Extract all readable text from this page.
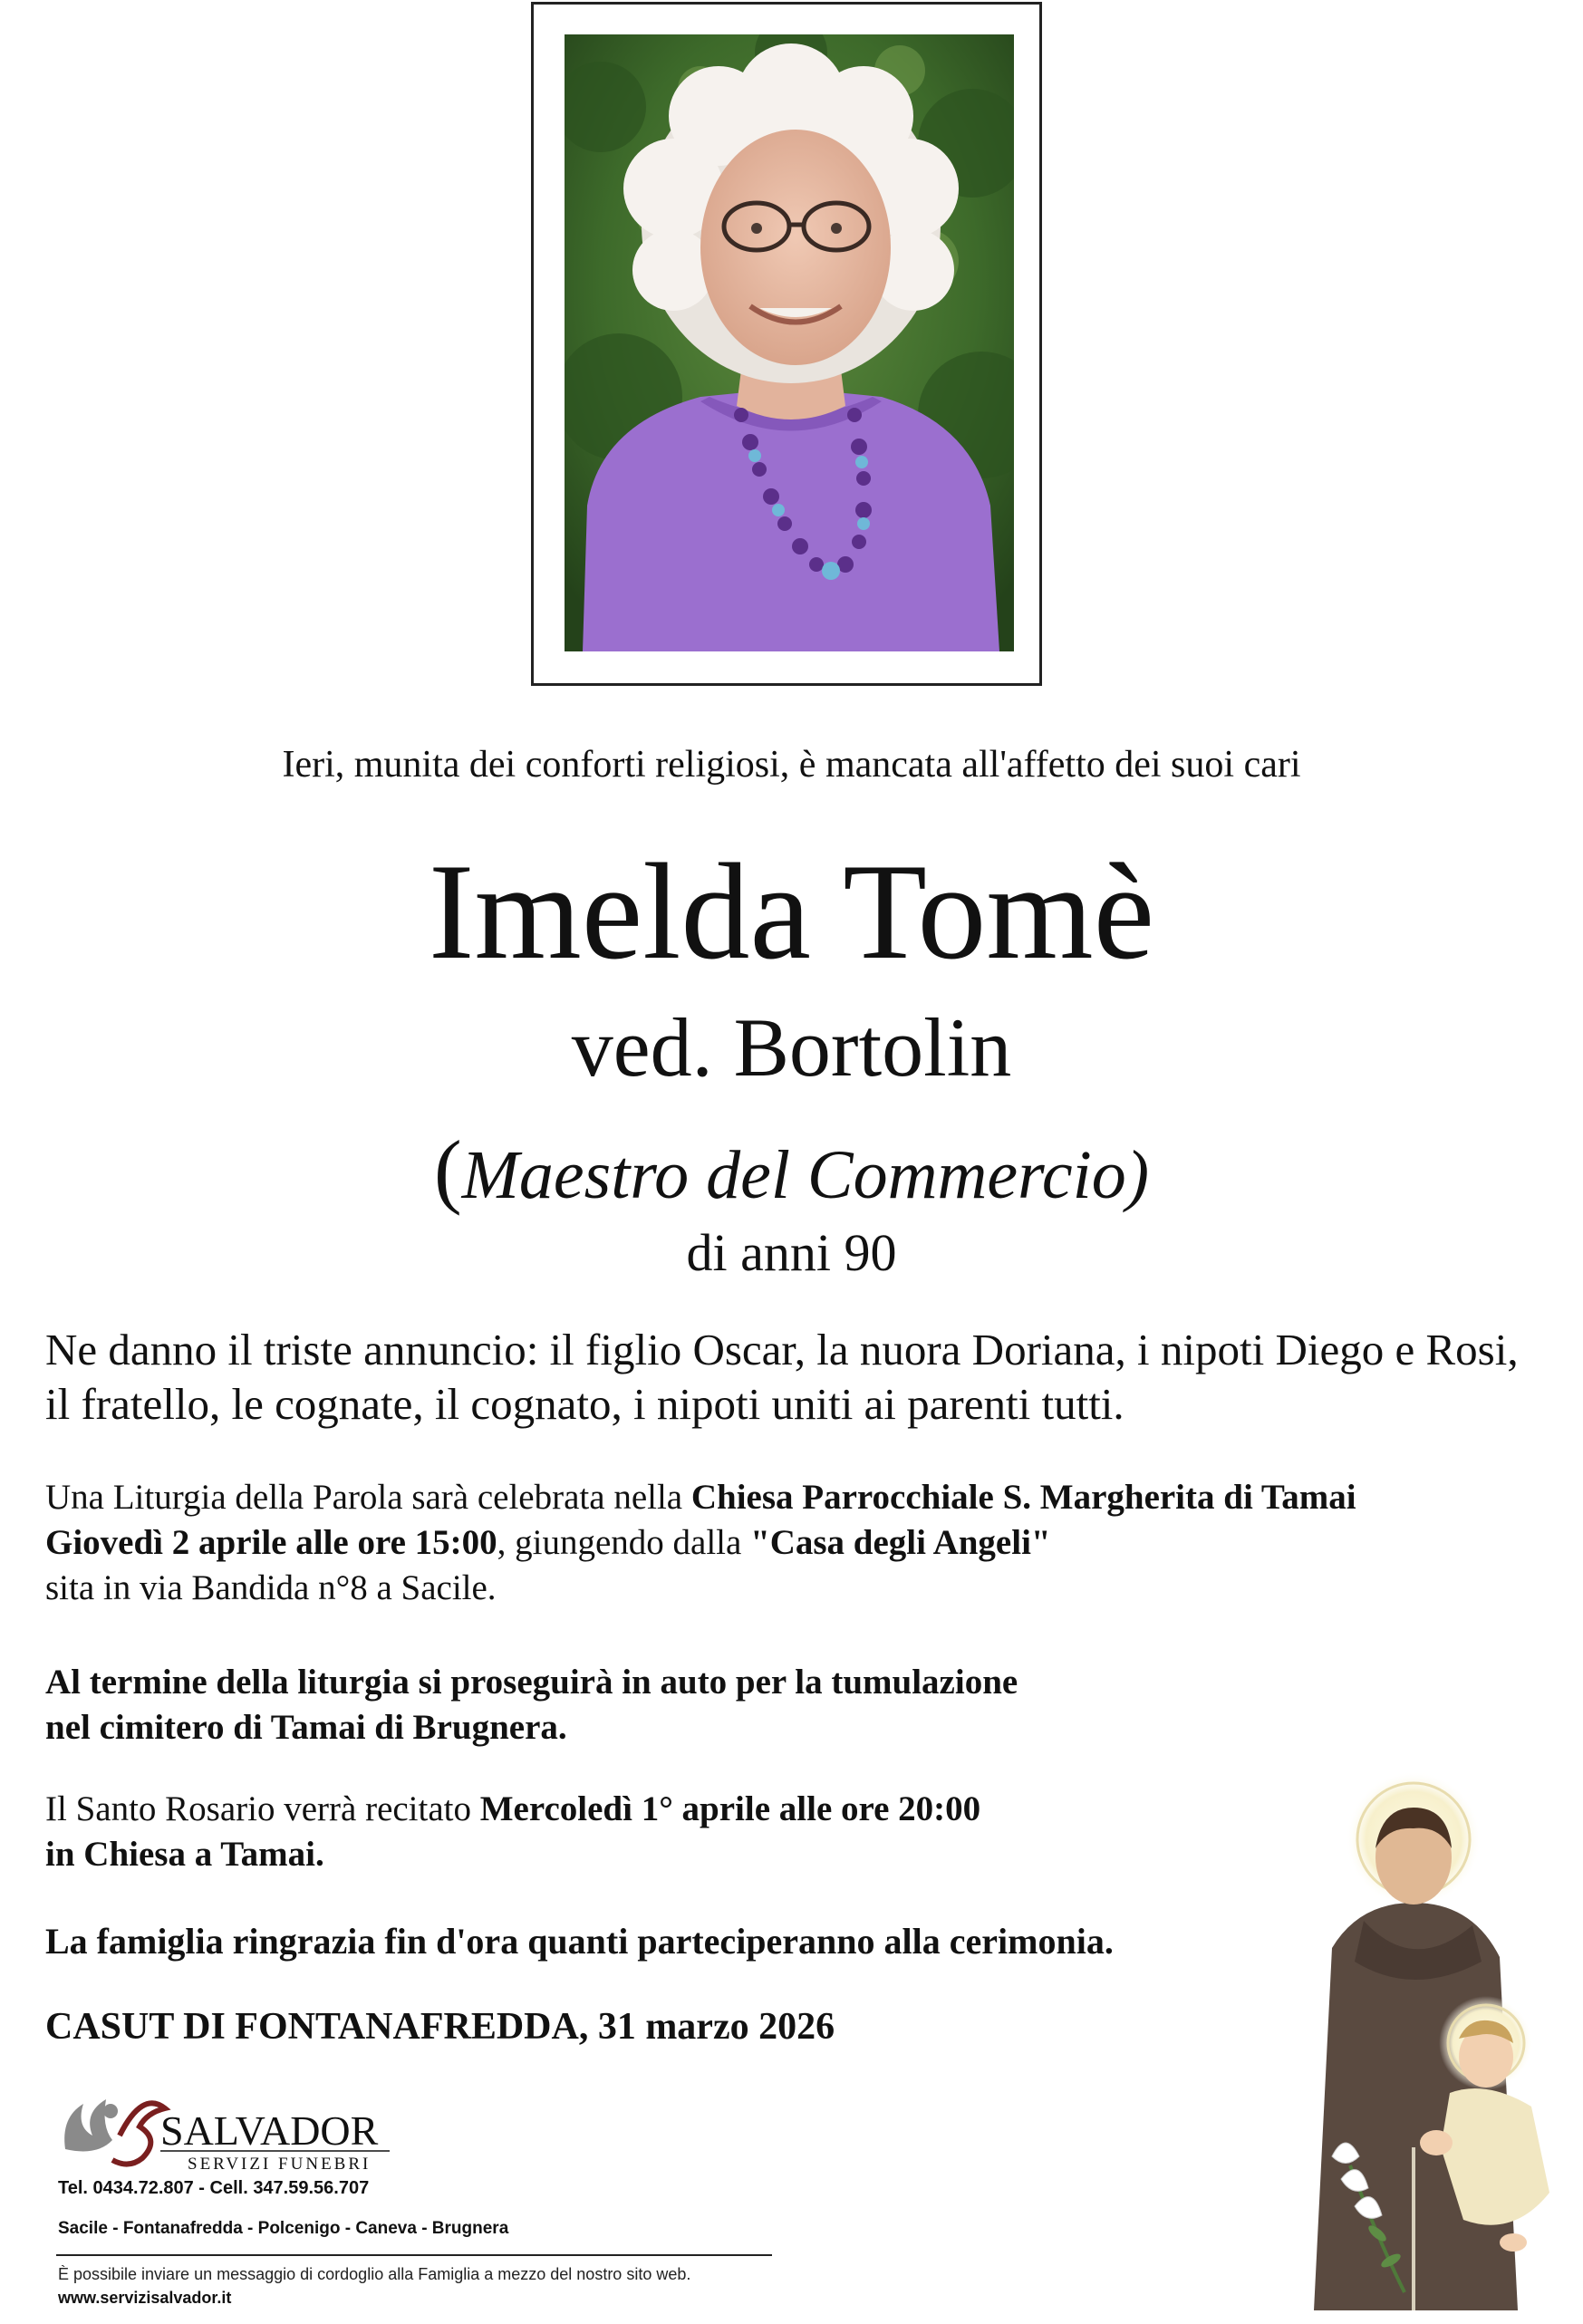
Ieri, munita dei conforti religiosi, è mancata all'affetto dei suoi cari
Imelda Tomè
ved. Bortolin
(Maestro del Commercio)
di anni 90
Ne danno il triste annuncio: il figlio Oscar, la nuora Doriana, i nipoti Diego e Rosi, il fratello, le cognate, il cognato, i nipoti uniti ai parenti tutti.
Una Liturgia della Parola sarà celebrata nella Chiesa Parrocchiale S. Margherita di Tamai
Giovedì 2 aprile alle ore 15:00, giungendo dalla "Casa degli Angeli"
sita in via Bandida n°8 a Sacile.
Al termine della liturgia si proseguirà in auto per la tumulazione
nel cimitero di Tamai di Brugnera.
Il Santo Rosario verrà recitato Mercoledì 1° aprile alle ore 20:00
in Chiesa a Tamai.
La famiglia ringrazia fin d'ora quanti parteciperanno alla cerimonia.
CASUT DI FONTANAFREDDA, 31 marzo 2026
SALVADOR
SERVIZI FUNEBRI
Tel. 0434.72.807 - Cell. 347.59.56.707
Sacile - Fontanafredda - Polcenigo - Caneva - Brugnera
È possibile inviare un messaggio di cordoglio alla Famiglia a mezzo del nostro sito web.
www.servizisalvador.it
